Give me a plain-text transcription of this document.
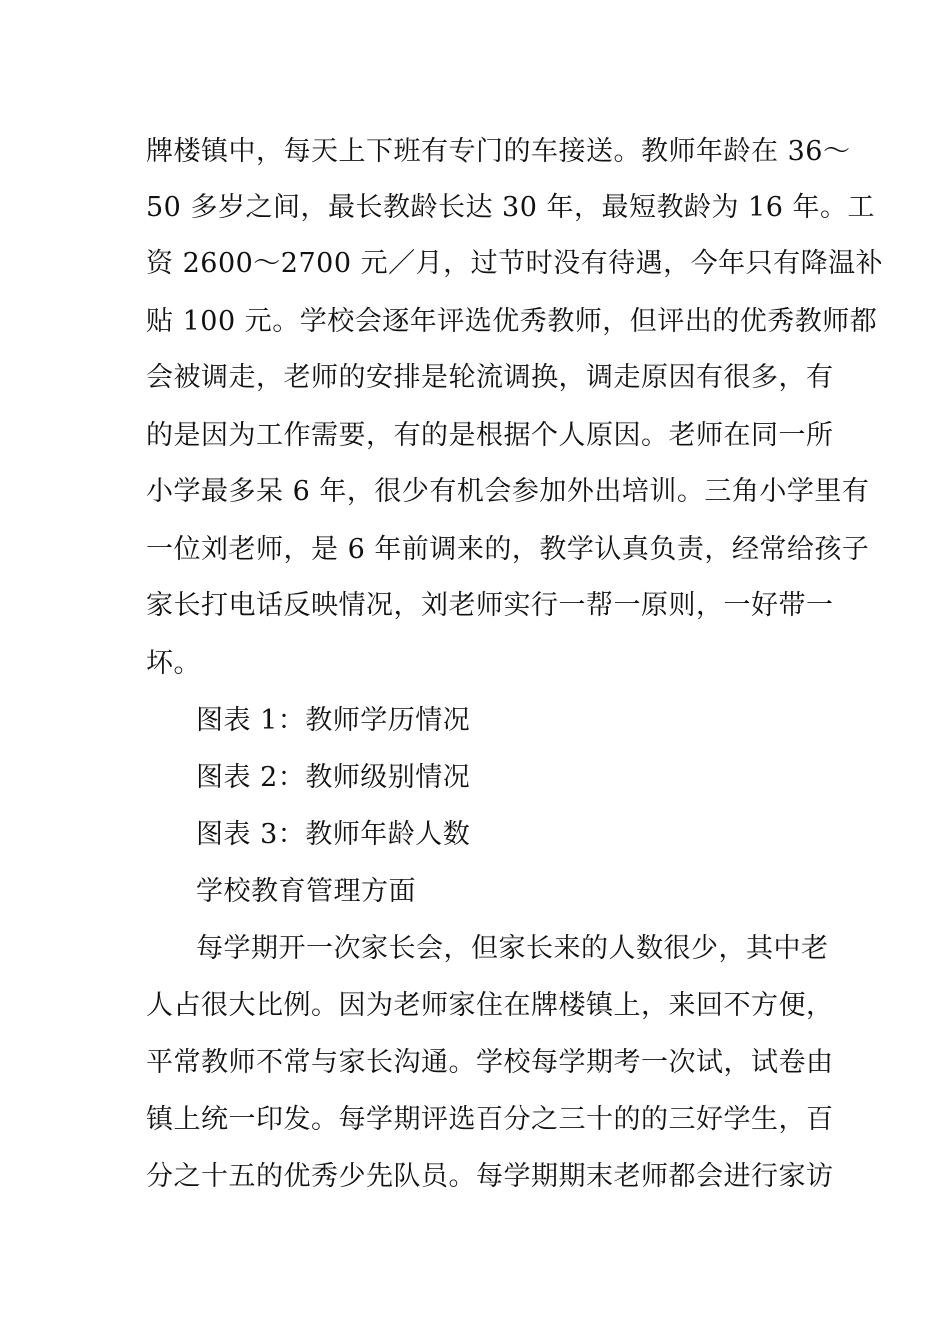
牌楼镇中，每天上下班有专门的车接送。教师年龄在 36～
50 多岁之间，最长教龄长达 30 年，最短教龄为 16 年。工
资 2600～2700 元／月，过节时没有待遇，今年只有降温补
贴 100 元。学校会逐年评选优秀教师，但评出的优秀教师都
会被调走，老师的安排是轮流调换，调走原因有很多，有
的是因为工作需要，有的是根据个人原因。老师在同一所
小学最多呆 6 年，很少有机会参加外出培训。三角小学里有
一位刘老师，是 6 年前调来的，教学认真负责，经常给孩子
家长打电话反映情况，刘老师实行一帮一原则，一好带一
坏。
图表 1：教师学历情况
图表 2：教师级别情况
图表 3：教师年龄人数
学校教育管理方面
每学期开一次家长会，但家长来的人数很少，其中老
人占很大比例。因为老师家住在牌楼镇上，来回不方便，
平常教师不常与家长沟通。学校每学期考一次试，试卷由
镇上统一印发。每学期评选百分之三十的的三好学生，百
分之十五的优秀少先队员。每学期期末老师都会进行家访
